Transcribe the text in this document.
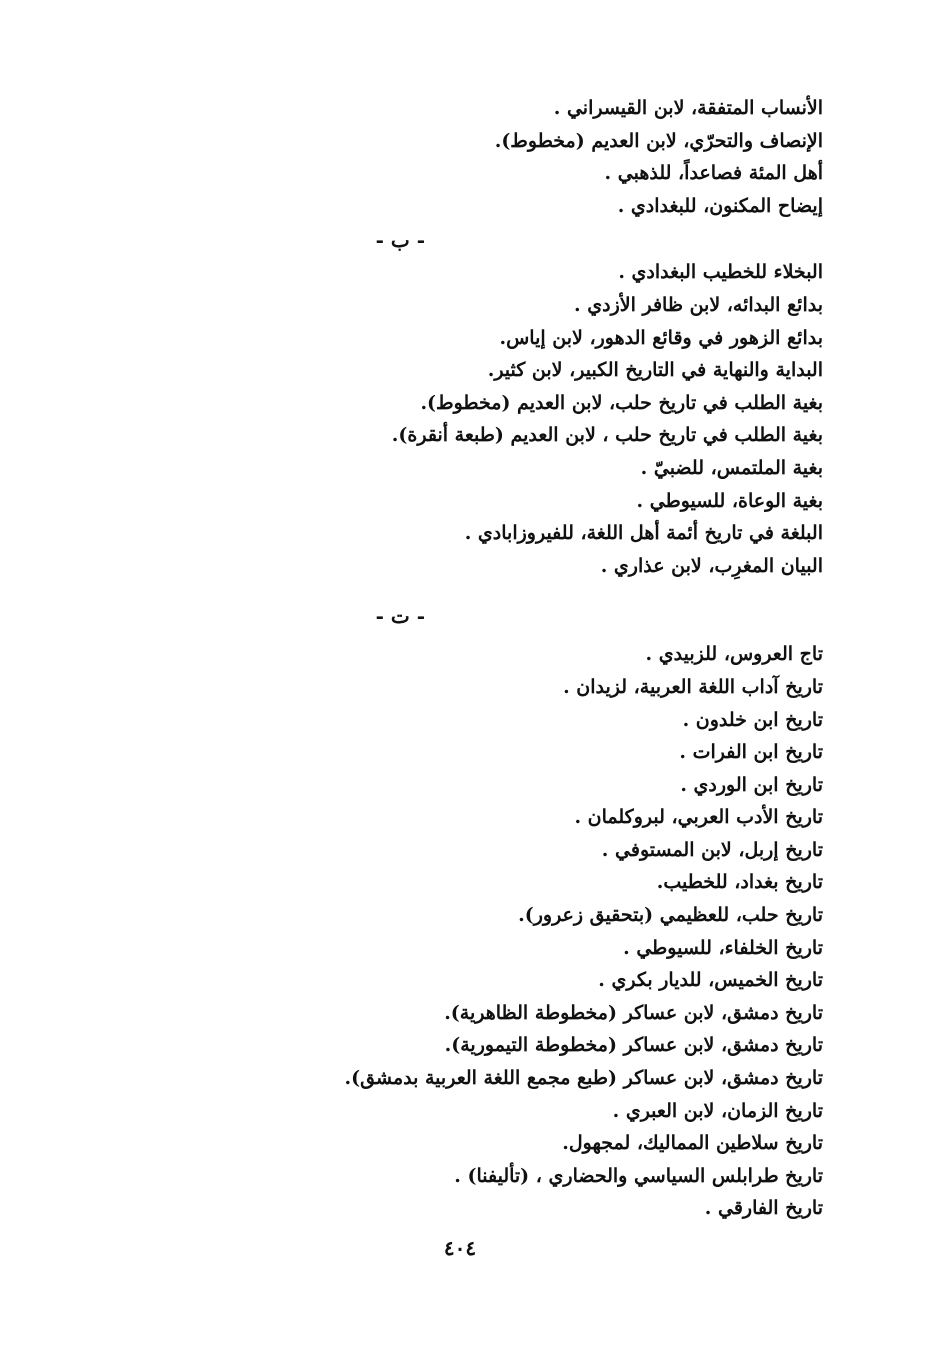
الأنساب المتفقة، لابن القيسراني .
الإنصاف والتحرّي، لابن العديم (مخطوط).
أهل المئة فصاعداً، للذهبي .
إيضاح المكنون، للبغدادي .
- ب -
البخلاء للخطيب البغدادي .
بدائع البدائه، لابن ظافر الأزدي .
بدائع الزهور في وقائع الدهور، لابن إياس.
البداية والنهاية في التاريخ الكبير، لابن كثير.
بغية الطلب في تاريخ حلب، لابن العديم (مخطوط).
بغية الطلب في تاريخ حلب ، لابن العديم (طبعة أنقرة).
بغية الملتمس، للضبيّ .
بغية الوعاة، للسيوطي .
البلغة في تاريخ أئمة أهل اللغة، للفيروزابادي .
البيان المغرِب، لابن عذاري .
- ت -
تاج العروس، للزبيدي .
تاريخ آداب اللغة العربية، لزيدان .
تاريخ ابن خلدون .
تاريخ ابن الفرات .
تاريخ ابن الوردي .
تاريخ الأدب العربي، لبروكلمان .
تاريخ إربل، لابن المستوفي .
تاريخ بغداد، للخطيب.
تاريخ حلب، للعظيمي (بتحقيق زعرور).
تاريخ الخلفاء، للسيوطي .
تاريخ الخميس، للديار بكري .
تاريخ دمشق، لابن عساكر (مخطوطة الظاهرية).
تاريخ دمشق، لابن عساكر (مخطوطة التيمورية).
تاريخ دمشق، لابن عساكر (طبع مجمع اللغة العربية بدمشق).
تاريخ الزمان، لابن العبري .
تاريخ سلاطين المماليك، لمجهول.
تاريخ طرابلس السياسي والحضاري ، (تأليفنا) .
تاريخ الفارقي .
٤٠٤
